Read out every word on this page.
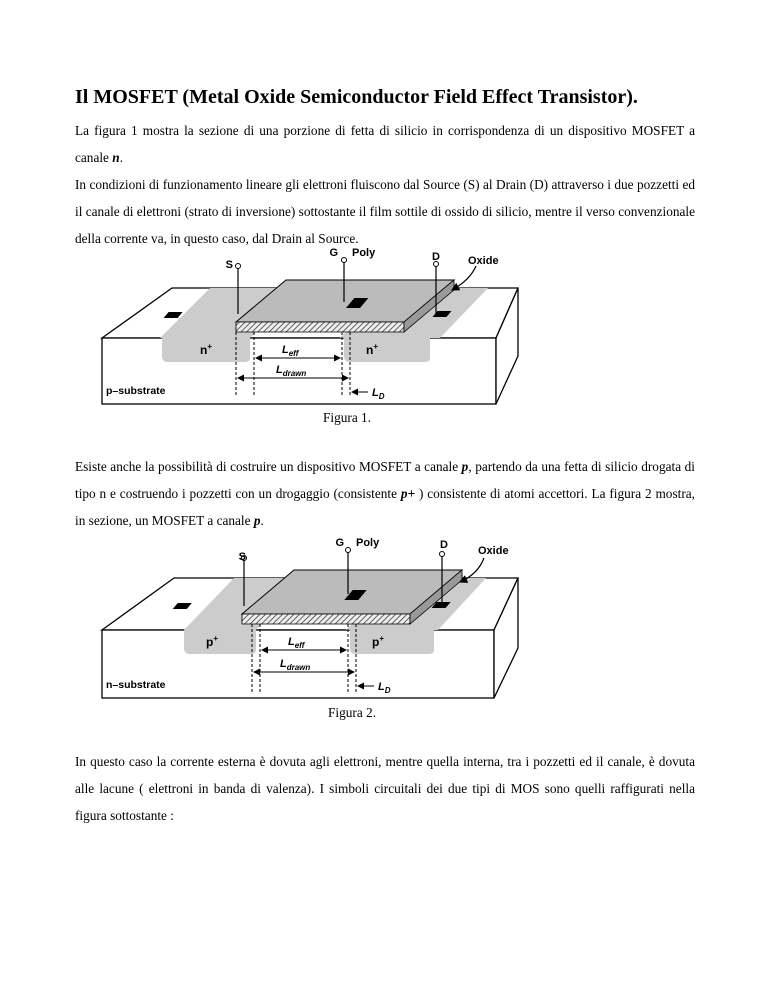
Il MOSFET (Metal Oxide Semiconductor Field Effect Transistor).

La figura 1 mostra la sezione di una porzione di fetta di silicio in corrispondenza di un dispositivo MOSFET a canale n.

In condizioni di funzionamento lineare gli elettroni fluiscono dal Source (S) al Drain (D) attraverso i due pozzetti ed il canale di elettroni (strato di inversione) sottostante il film sottile di ossido di silicio, mentre il verso convenzionale della corrente va, in questo caso, dal Drain al Source.

S
G Poly	D	Oxide
n+	n+
$L_{eff}$
$L_{drawn}$
$L_D$
p–substrate
Figura 1.

Esiste anche la possibilità di costruire un dispositivo MOSFET a canale p, partendo da una fetta di silicio drogata di tipo n e costruendo i pozzetti con un drogaggio (consistente p+ ) consistente di atomi accettori. La figura 2 mostra, in sezione, un MOSFET a canale p.

S
G Poly	D	Oxide
p+	p+
$L_{eff}$
$L_{drawn}$
$L_D$
n–substrate
Figura 2.

In questo caso la corrente esterna è dovuta agli elettroni, mentre quella interna, tra i pozzetti ed il canale, è dovuta alle lacune ( elettroni in banda di valenza). I simboli circuitali dei due tipi di MOS sono quelli raffigurati nella figura sottostante :
